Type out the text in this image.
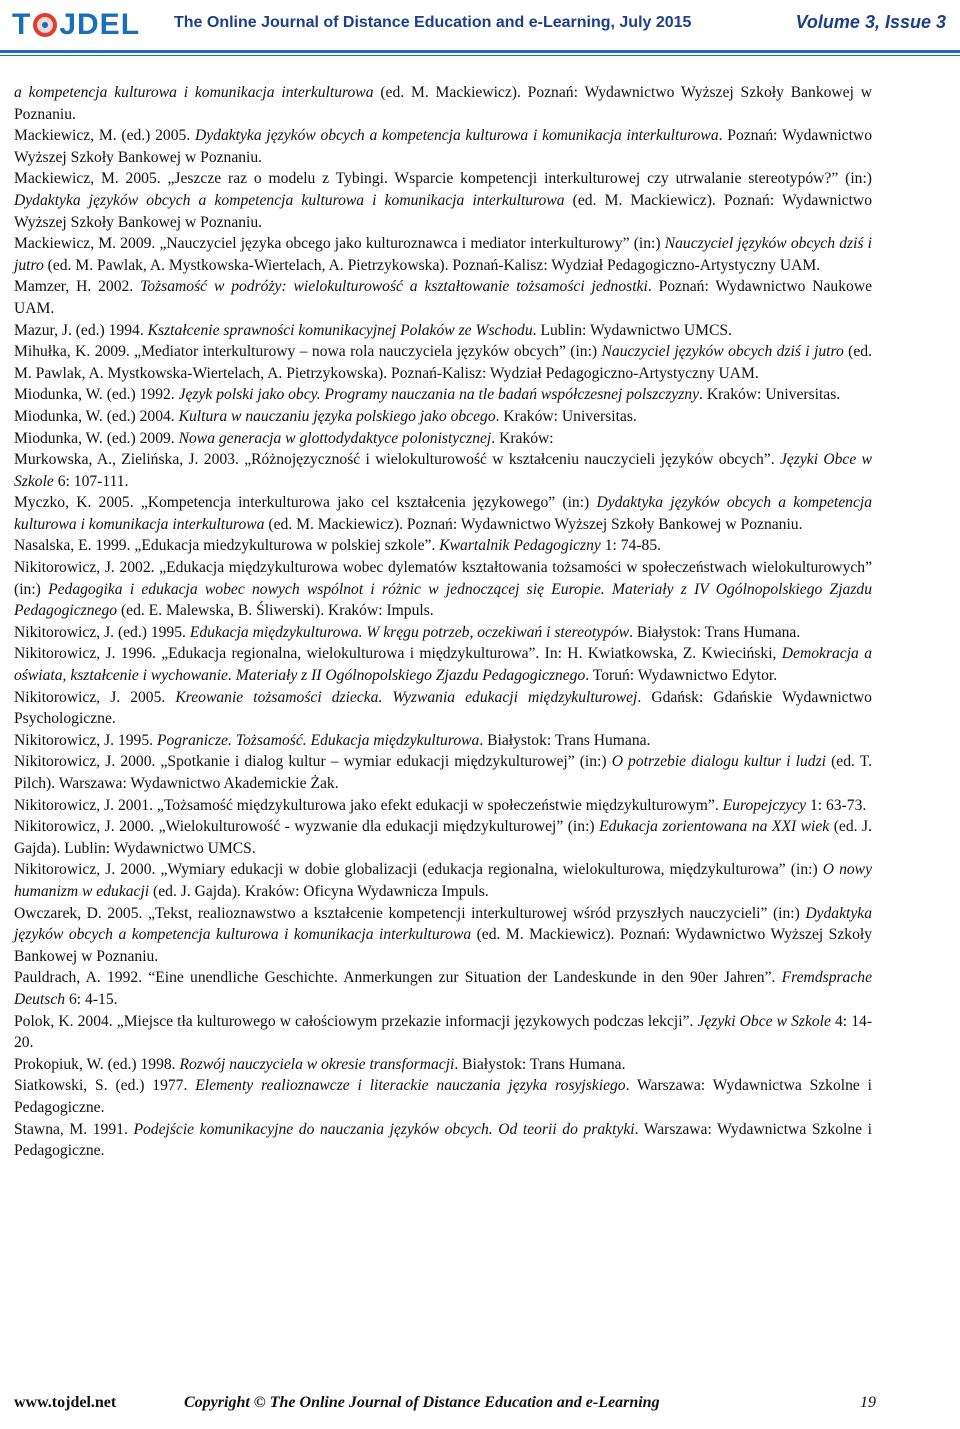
T JDEL The Online Journal of Distance Education and e-Learning, July 2015	Volume 3, Issue 3

a kompetencja kulturowa i komunikacja interkulturowa (ed. M. Mackiewicz). Poznań: Wydawnictwo Wyższej Szkoły Bankowej w Poznaniu.

Mackiewicz, M. (ed.) 2005. Dydaktyka języków obcych a kompetencja kulturowa i komunikacja interkulturowa. Poznań: Wydawnictwo Wyższej Szkoły Bankowej w Poznaniu.

Mackiewicz, M. 2005. „Jeszcze raz o modelu z Tybingi. Wsparcie kompetencji interkulturowej czy utrwalanie stereotypów?” (in:) Dydaktyka języków obcych a kompetencja kulturowa i komunikacja interkulturowa (ed. M. Mackiewicz). Poznań: Wydawnictwo Wyższej Szkoły Bankowej w Poznaniu.

Mackiewicz, M. 2009. „Nauczyciel języka obcego jako kulturoznawca i mediator interkulturowy” (in:) Nauczyciel języków obcych dziś i jutro (ed. M. Pawlak, A. Mystkowska-Wiertelach, A. Pietrzykowska). Poznań-Kalisz: Wydział Pedagogiczno-Artystyczny UAM.

Mamzer, H. 2002. Tożsamość w podróży: wielokulturowość a kształtowanie tożsamości jednostki. Poznań: Wydawnictwo Naukowe UAM.

Mazur, J. (ed.) 1994. Kształcenie sprawności komunikacyjnej Polaków ze Wschodu. Lublin: Wydawnictwo UMCS.

Mihułka, K. 2009. „Mediator interkulturowy – nowa rola nauczyciela języków obcych” (in:) Nauczyciel języków obcych dziś i jutro (ed. M. Pawlak, A. Mystkowska-Wiertelach, A. Pietrzykowska). Poznań-Kalisz: Wydział Pedagogiczno-Artystyczny UAM.

Miodunka, W. (ed.) 1992. Język polski jako obcy. Programy nauczania na tle badań współczesnej polszczyzny. Kraków: Universitas.

Miodunka, W. (ed.) 2004. Kultura w nauczaniu języka polskiego jako obcego. Kraków: Universitas.

Miodunka, W. (ed.) 2009. Nowa generacja w glottodydaktyce polonistycznej. Kraków:

Murkowska, A., Zielińska, J. 2003. „Różnojęzyczność i wielokulturowość w kształceniu nauczycieli języków obcych”. Języki Obce w Szkole 6: 107-111.

Myczko, K. 2005. „Kompetencja interkulturowa jako cel kształcenia językowego” (in:) Dydaktyka języków obcych a kompetencja kulturowa i komunikacja interkulturowa (ed. M. Mackiewicz). Poznań: Wydawnictwo Wyższej Szkoły Bankowej w Poznaniu.

Nasalska, E. 1999. „Edukacja miedzykulturowa w polskiej szkole”. Kwartalnik Pedagogiczny 1: 74-85.

Nikitorowicz, J. 2002. „Edukacja międzykulturowa wobec dylematów kształtowania tożsamości w społeczeństwach wielokulturowych” (in:) Pedagogika i edukacja wobec nowych wspólnot i różnic w jednoczącej się Europie. Materiały z IV Ogólnopolskiego Zjazdu Pedagogicznego (ed. E. Malewska, B. Śliwerski). Kraków: Impuls.

Nikitorowicz, J. (ed.) 1995. Edukacja międzykulturowa. W kręgu potrzeb, oczekiwań i stereotypów. Białystok: Trans Humana.

Nikitorowicz, J. 1996. „Edukacja regionalna, wielokulturowa i międzykulturowa”. In: H. Kwiatkowska, Z. Kwieciński, Demokracja a oświata, kształcenie i wychowanie. Materiały z II Ogólnopolskiego Zjazdu Pedagogicznego. Toruń: Wydawnictwo Edytor.

Nikitorowicz, J. 2005. Kreowanie tożsamości dziecka. Wyzwania edukacji międzykulturowej. Gdańsk: Gdańskie Wydawnictwo Psychologiczne.

Nikitorowicz, J. 1995. Pogranicze. Tożsamość. Edukacja międzykulturowa. Białystok: Trans Humana.

Nikitorowicz, J. 2000. „Spotkanie i dialog kultur – wymiar edukacji międzykulturowej” (in:) O potrzebie dialogu kultur i ludzi (ed. T. Pilch). Warszawa: Wydawnictwo Akademickie Żak.

Nikitorowicz, J. 2001. „Tożsamość międzykulturowa jako efekt edukacji w społeczeństwie międzykulturowym”. Europejczycy 1: 63-73.

Nikitorowicz, J. 2000. „Wielokulturowość - wyzwanie dla edukacji międzykulturowej” (in:) Edukacja zorientowana na XXI wiek (ed. J. Gajda). Lublin: Wydawnictwo UMCS.

Nikitorowicz, J. 2000. „Wymiary edukacji w dobie globalizacji (edukacja regionalna, wielokulturowa, międzykulturowa” (in:) O nowy humanizm w edukacji (ed. J. Gajda). Kraków: Oficyna Wydawnicza Impuls.

Owczarek, D. 2005. „Tekst, realioznawstwo a kształcenie kompetencji interkulturowej wśród przyszłych nauczycieli” (in:) Dydaktyka języków obcych a kompetencja kulturowa i komunikacja interkulturowa (ed. M. Mackiewicz). Poznań: Wydawnictwo Wyższej Szkoły Bankowej w Poznaniu.

Pauldrach, A. 1992. “Eine unendliche Geschichte. Anmerkungen zur Situation der Landeskunde in den 90er Jahren”. Fremdsprache Deutsch 6: 4-15.

Polok, K. 2004. „Miejsce tła kulturowego w całościowym przekazie informacji językowych podczas lekcji”. Języki Obce w Szkole 4: 14-20.

Prokopiuk, W. (ed.) 1998. Rozwój nauczyciela w okresie transformacji. Białystok: Trans Humana.

Siatkowski, S. (ed.) 1977. Elementy realioznawcze i literackie nauczania języka rosyjskiego. Warszawa: Wydawnictwa Szkolne i Pedagogiczne.

Stawna, M. 1991. Podejście komunikacyjne do nauczania języków obcych. Od teorii do praktyki. Warszawa: Wydawnictwa Szkolne i Pedagogiczne.

www.tojdel.net	Copyright © The Online Journal of Distance Education and e-Learning	19
